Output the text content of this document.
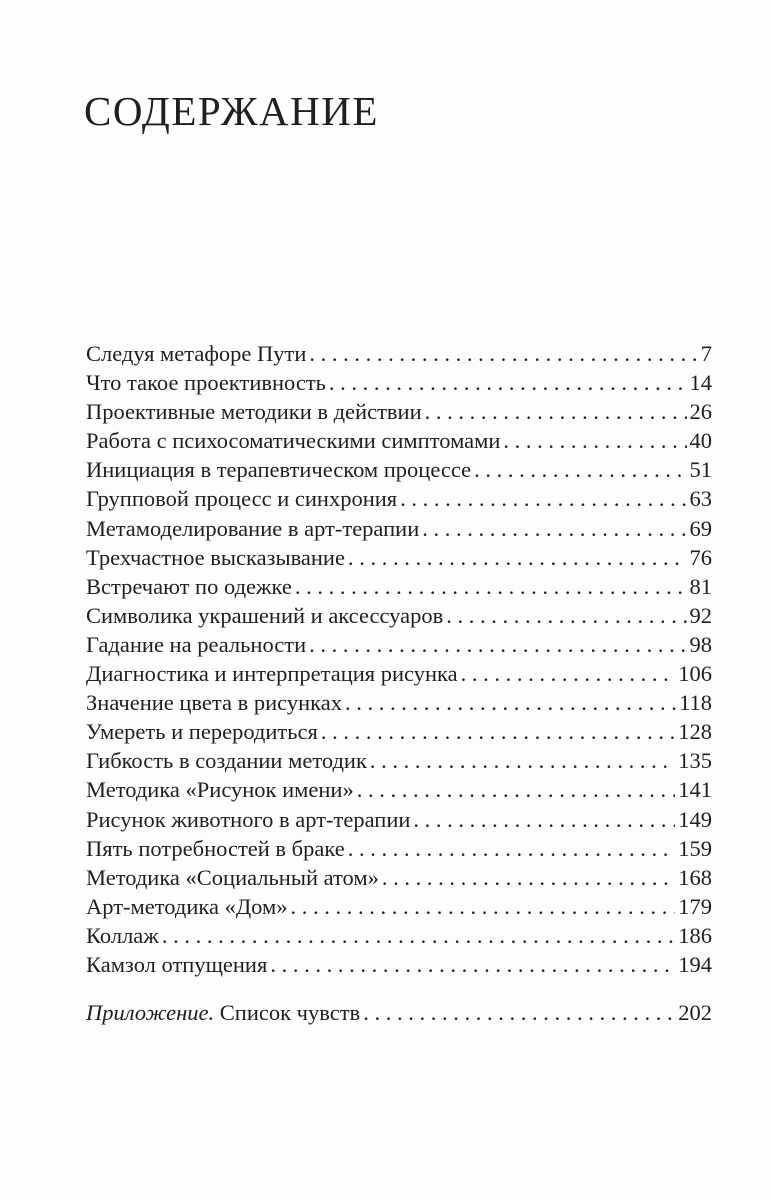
СОДЕРЖАНИЕ
Следуя метафоре Пути . . .	7
Что такое проективность . . .	14
Проективные методики в действии . . .	26
Работа с психосоматическими симптомами . . .	40
Инициация в терапевтическом процессе . . .	51
Групповой процесс и синхрония . . .	63
Метамоделирование в арт-терапии . . .	69
Трехчастное высказывание . . .	76
Встречают по одежке . . .	81
Символика украшений и аксессуаров . . .	92
Гадание на реальности . . .	98
Диагностика и интерпретация рисунка . . .	106
Значение цвета в рисунках . . .	118
Умереть и переродиться . . .	128
Гибкость в создании методик . . .	135
Методика «Рисунок имени» . . .	141
Рисунок животного в арт-терапии . . .	149
Пять потребностей в браке . . .	159
Методика «Социальный атом» . . .	168
Арт-методика «Дом» . . .	179
Коллаж . . .	186
Камзол отпущения . . .	194
Приложение. Список чувств . . .	202
